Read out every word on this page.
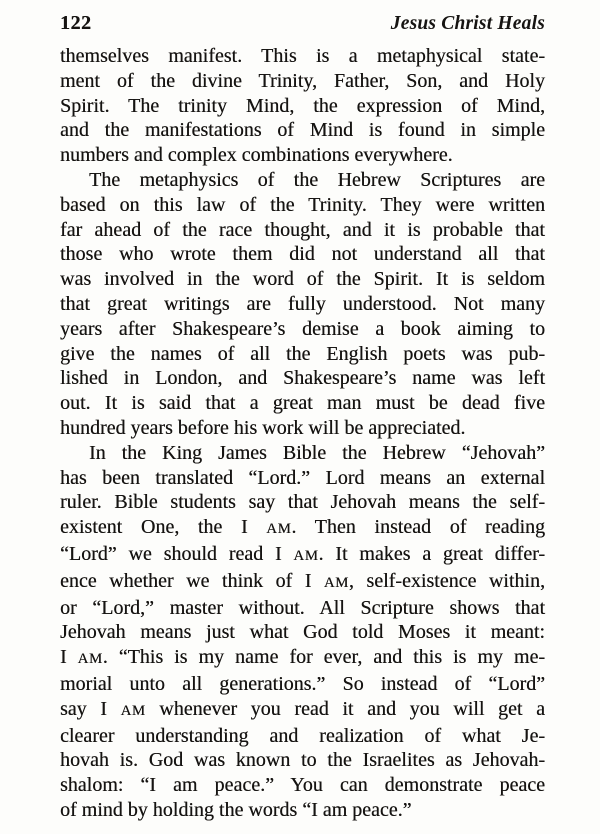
122	Jesus Christ Heals
themselves manifest. This is a metaphysical state-
ment of the divine Trinity, Father, Son, and Holy
Spirit. The trinity Mind, the expression of Mind,
and the manifestations of Mind is found in simple
numbers and complex combinations everywhere.
The metaphysics of the Hebrew Scriptures are
based on this law of the Trinity. They were written
far ahead of the race thought, and it is probable that
those who wrote them did not understand all that
was involved in the word of the Spirit. It is seldom
that great writings are fully understood. Not many
years after Shakespeare’s demise a book aiming to
give the names of all the English poets was pub-
lished in London, and Shakespeare’s name was left
out. It is said that a great man must be dead five
hundred years before his work will be appreciated.
In the King James Bible the Hebrew “Jehovah”
has been translated “Lord.” Lord means an external
ruler. Bible students say that Jehovah means the self-
existent One, the I AM. Then instead of reading
“Lord” we should read I AM. It makes a great differ-
ence whether we think of I AM, self-existence within,
or “Lord,” master without. All Scripture shows that
Jehovah means just what God told Moses it meant:
I AM. “This is my name for ever, and this is my me-
morial unto all generations.” So instead of “Lord”
say I AM whenever you read it and you will get a
clearer understanding and realization of what Je-
hovah is. God was known to the Israelites as Jehovah-
shalom: “I am peace.” You can demonstrate peace
of mind by holding the words “I am peace.”
